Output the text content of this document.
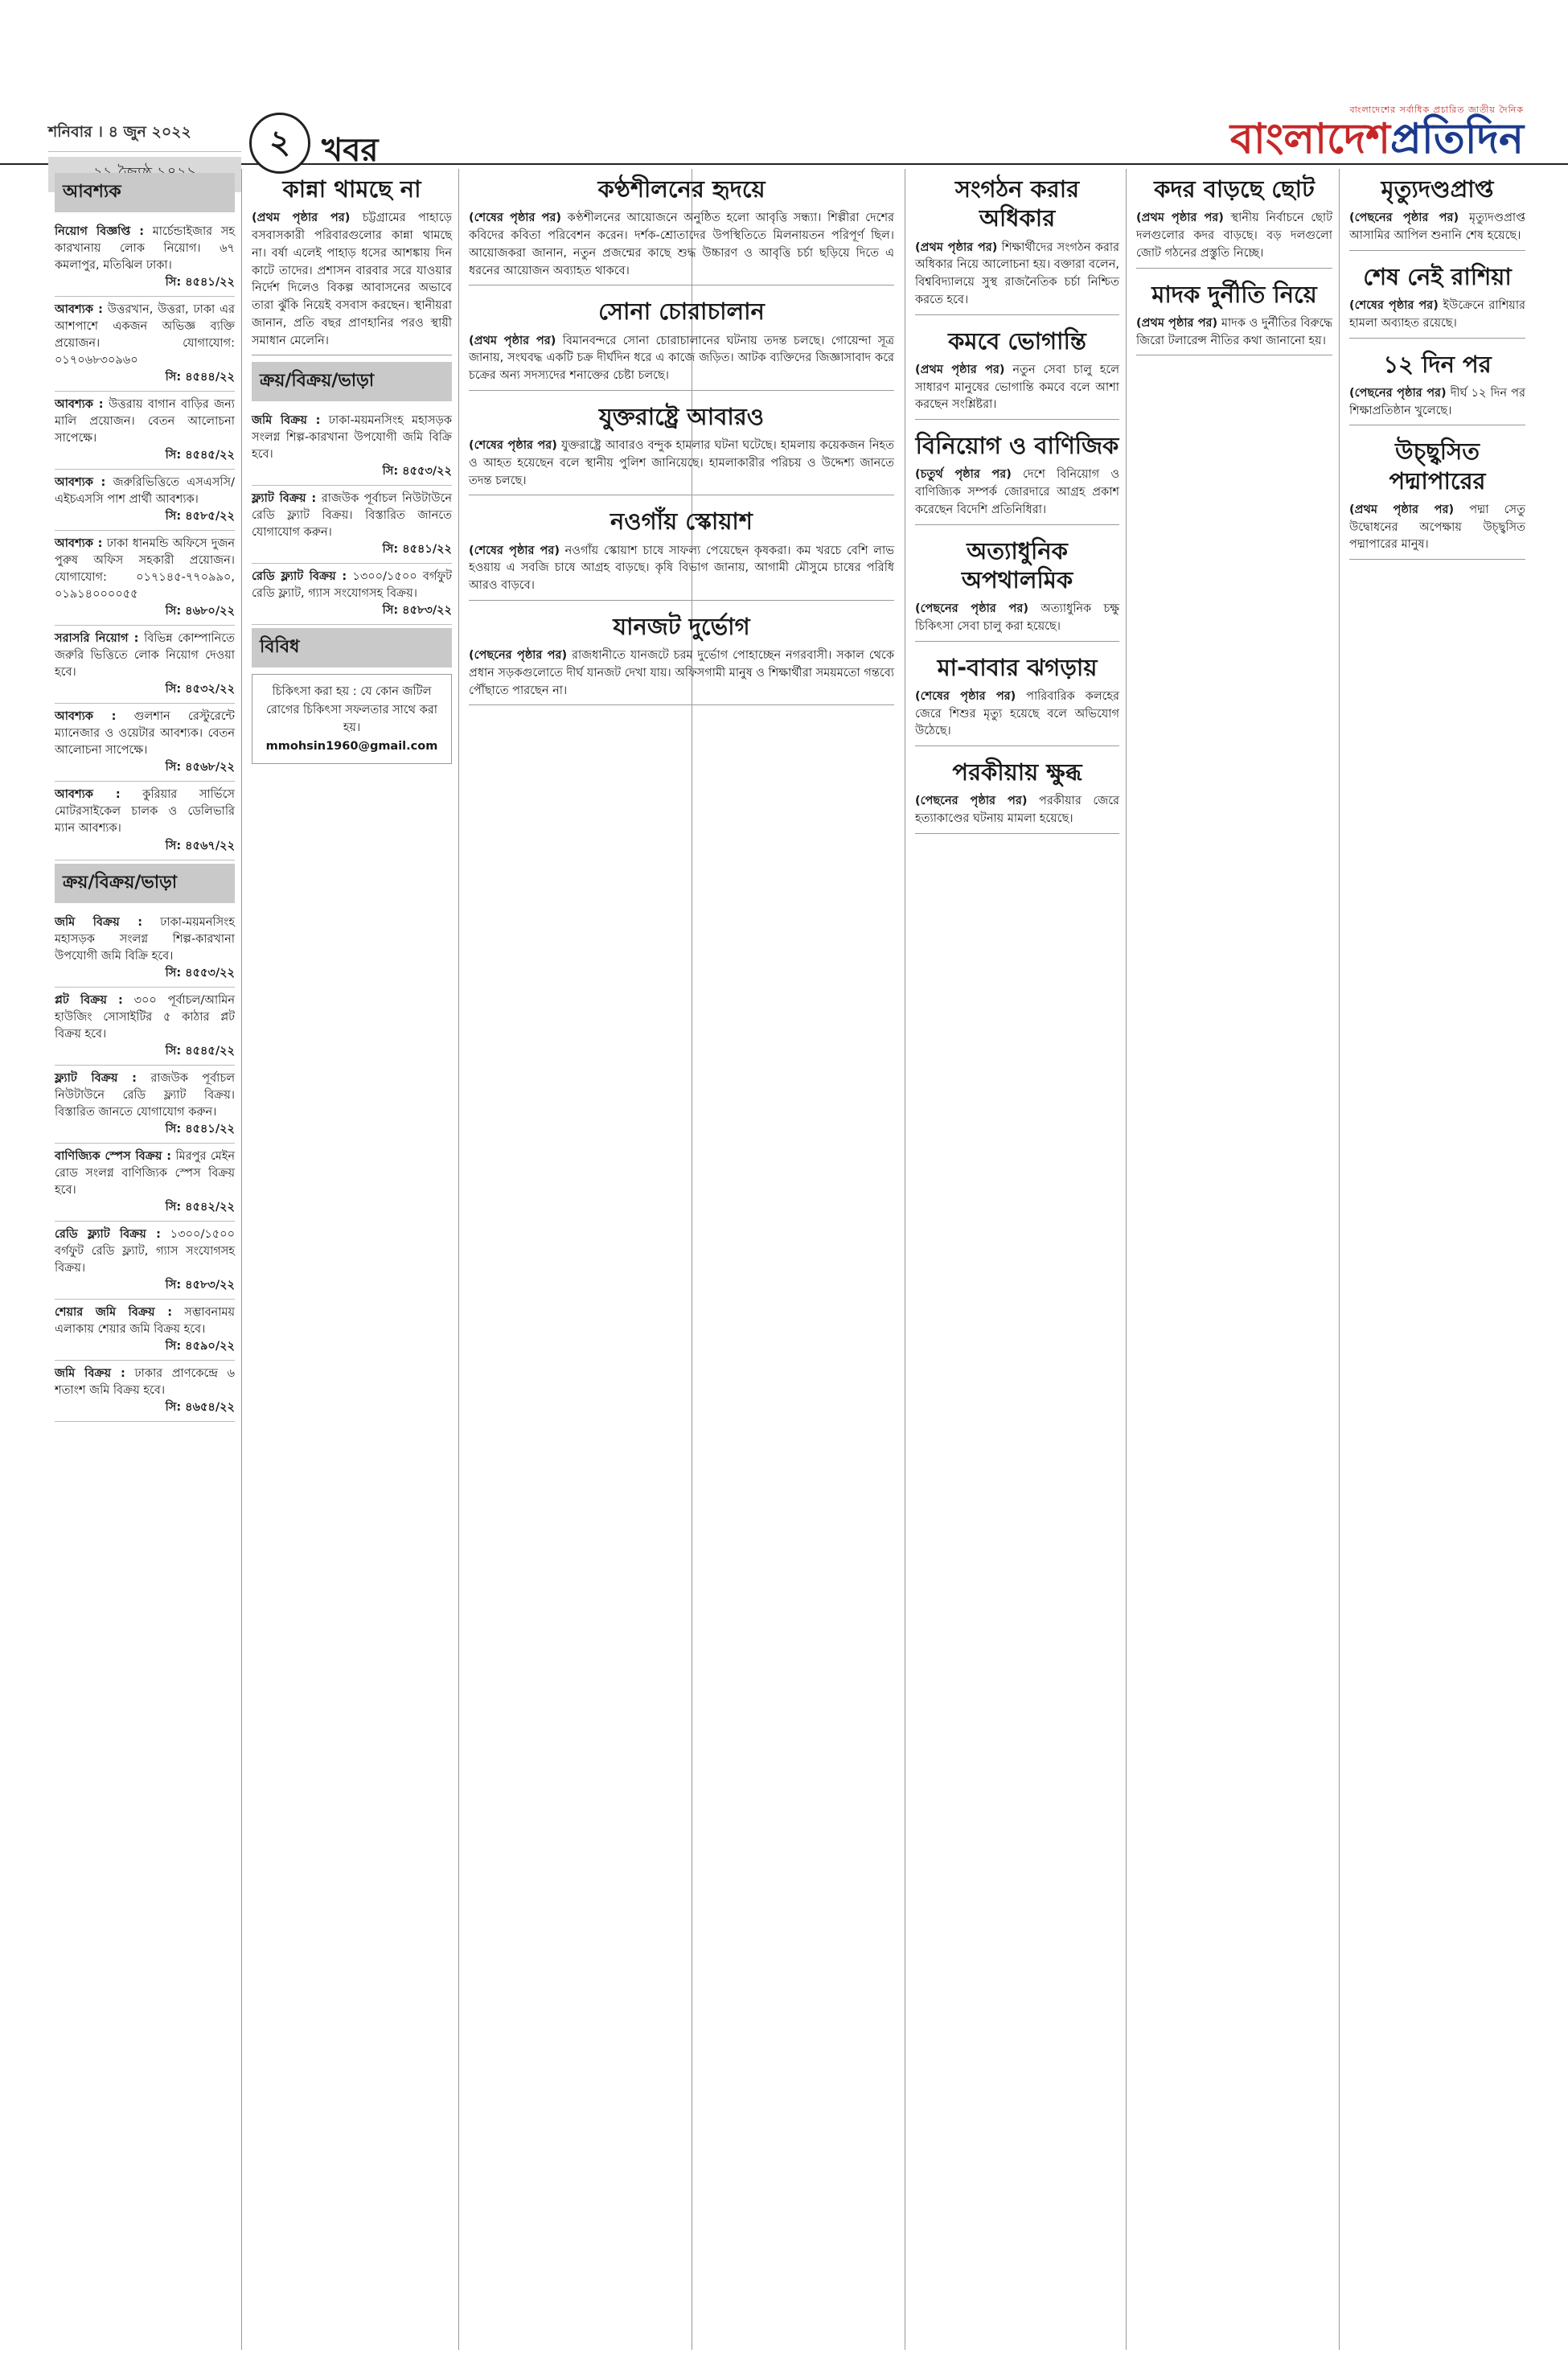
শনিবার । ৪ জুন ২০২২	২ খবর
বাংলাদেশের সর্বাধিক প্রচারিত জাতীয় দৈনিক
বাংলাদেশপ্রতিদিন
আবশ্যক
নিয়োগ বিজ্ঞপ্তি : মার্চেন্ডাইজার সহ কারখানায় লোক নিয়োগ। ৬৭ কমলাপুর, মতিঝিল ঢাকা।
সি: ৪৫৪১/২২
আবশ্যক : উত্তরখান, উত্তরা, ঢাকা এর আশপাশে একজন অভিজ্ঞ ব্যক্তি প্রয়োজন। যোগাযোগ: ০১৭০৬৮৩০৯৬০
সি: ৪৫৪৪/২২
আবশ্যক : উত্তরায় বাগান বাড়ির জন্য মালি প্রয়োজন। বেতন আলোচনা সাপেক্ষে।
সি: ৪৫৪৫/২২
আবশ্যক : জরুরিভিত্তিতে এসএসসি/এইচএসসি পাশ প্রার্থী আবশ্যক।
সি: ৪৫৮৫/২২
আবশ্যক : ঢাকা ধানমন্ডি অফিসে দুজন পুরুষ অফিস সহকারী প্রয়োজন। যোগাযোগ: ০১৭১৪৫-৭৭০৯৯০, ০১৯১৪০০০০৫৫
সি: ৪৬৮০/২২
সরাসরি নিয়োগ : বিভিন্ন কোম্পানিতে জরুরি ভিত্তিতে লোক নিয়োগ দেওয়া হবে।
সি: ৪৫৩২/২২
আবশ্যক : গুলশান রেস্টুরেন্টে ম্যানেজার ও ওয়েটার আবশ্যক। বেতন আলোচনা সাপেক্ষে।
সি: ৪৫৬৮/২২
আবশ্যক : কুরিয়ার সার্ভিসে মোটরসাইকেল চালক ও ডেলিভারি ম্যান আবশ্যক।
সি: ৪৫৬৭/২২
ক্রয়/বিক্রয়/ভাড়া
জমি বিক্রয় : ঢাকা-ময়মনসিংহ মহাসড়ক সংলগ্ন শিল্প-কারখানা উপযোগী জমি বিক্রি হবে।
সি: ৪৫৫৩/২২
প্লট বিক্রয় : ৩০০ পূর্বাচল/আমিন হাউজিং সোসাইটির ৫ কাঠার প্লট বিক্রয় হবে।
সি: ৪৫৪৫/২২
ফ্ল্যাট বিক্রয় : রাজউক পূর্বাচল নিউটাউনে রেডি ফ্ল্যাট বিক্রয়। বিস্তারিত জানতে যোগাযোগ করুন।
সি: ৪৫৪১/২২
বাণিজ্যিক স্পেস বিক্রয় : মিরপুর মেইন রোড সংলগ্ন বাণিজ্যিক স্পেস বিক্রয় হবে।
সি: ৪৫৪২/২২
রেডি ফ্ল্যাট বিক্রয় : ১৩০০/১৫০০ বর্গফুট রেডি ফ্ল্যাট, গ্যাস সংযোগসহ বিক্রয়।
সি: ৪৫৮৩/২২
শেয়ার জমি বিক্রয় : সম্ভাবনাময় এলাকায় শেয়ার জমি বিক্রয় হবে।
সি: ৪৫৯০/২২
জমি বিক্রয় : ঢাকার প্রাণকেন্দ্রে ৬ শতাংশ জমি বিক্রয় হবে।
সি: ৪৬৫৪/২২
কান্না থামছে না
(প্রথম পৃষ্ঠার পর) চট্টগ্রামের পাহাড়ে বসবাসকারী পরিবারগুলোর কান্না থামছে না। বর্ষা এলেই পাহাড় ধসের আশঙ্কায় দিন কাটে তাদের। প্রশাসন বারবার সরে যাওয়ার নির্দেশ দিলেও বিকল্প আবাসনের অভাবে তারা ঝুঁকি নিয়েই বসবাস করছেন। স্থানীয়রা জানান, প্রতি বছর প্রাণহানির পরও স্থায়ী সমাধান মেলেনি।
ক্রয়/বিক্রয়/ভাড়া
জমি বিক্রয় : ঢাকা-ময়মনসিংহ মহাসড়ক সংলগ্ন শিল্প-কারখানা উপযোগী জমি বিক্রি হবে।
সি: ৪৫৫৩/২২
ফ্ল্যাট বিক্রয় : রাজউক পূর্বাচল নিউটাউনে রেডি ফ্ল্যাট বিক্রয়। বিস্তারিত জানতে যোগাযোগ করুন।
সি: ৪৫৪১/২২
রেডি ফ্ল্যাট বিক্রয় : ১৩০০/১৫০০ বর্গফুট রেডি ফ্ল্যাট, গ্যাস সংযোগসহ বিক্রয়।
সি: ৪৫৮৩/২২
বিবিধ
চিকিৎসা করা হয় : যে কোন জটিল রোগের চিকিৎসা সফলতার সাথে করা হয়।
mmohsin1960@gmail.com
কণ্ঠশীলনের হৃদয়ে
(শেষের পৃষ্ঠার পর) কণ্ঠশীলনের আয়োজনে অনুষ্ঠিত হলো আবৃত্তি সন্ধ্যা। শিল্পীরা দেশের কবিদের কবিতা পরিবেশন করেন। দর্শক-শ্রোতাদের উপস্থিতিতে মিলনায়তন পরিপূর্ণ ছিল। আয়োজকরা জানান, নতুন প্রজন্মের কাছে শুদ্ধ উচ্চারণ ও আবৃত্তি চর্চা ছড়িয়ে দিতে এ ধরনের আয়োজন অব্যাহত থাকবে।
সোনা চোরাচালান
(প্রথম পৃষ্ঠার পর) বিমানবন্দরে সোনা চোরাচালানের ঘটনায় তদন্ত চলছে। গোয়েন্দা সূত্র জানায়, সংঘবদ্ধ একটি চক্র দীর্ঘদিন ধরে এ কাজে জড়িত। আটক ব্যক্তিদের জিজ্ঞাসাবাদ করে চক্রের অন্য সদস্যদের শনাক্তের চেষ্টা চলছে।
যুক্তরাষ্ট্রে আবারও
(শেষের পৃষ্ঠার পর) যুক্তরাষ্ট্রে আবারও বন্দুক হামলার ঘটনা ঘটেছে। হামলায় কয়েকজন নিহত ও আহত হয়েছেন বলে স্থানীয় পুলিশ জানিয়েছে। হামলাকারীর পরিচয় ও উদ্দেশ্য জানতে তদন্ত চলছে।
নওগাঁয় স্কোয়াশ
(শেষের পৃষ্ঠার পর) নওগাঁয় স্কোয়াশ চাষে সাফল্য পেয়েছেন কৃষকরা। কম খরচে বেশি লাভ হওয়ায় এ সবজি চাষে আগ্রহ বাড়ছে। কৃষি বিভাগ জানায়, আগামী মৌসুমে চাষের পরিধি আরও বাড়বে।
যানজট দুর্ভোগ
(পেছনের পৃষ্ঠার পর) রাজধানীতে যানজটে চরম দুর্ভোগ পোহাচ্ছেন নগরবাসী। সকাল থেকে প্রধান সড়কগুলোতে দীর্ঘ যানজট দেখা যায়। অফিসগামী মানুষ ও শিক্ষার্থীরা সময়মতো গন্তব্যে পৌঁছাতে পারছেন না।
সংগঠন করার অধিকার
(প্রথম পৃষ্ঠার পর) শিক্ষার্থীদের সংগঠন করার অধিকার নিয়ে আলোচনা হয়। বক্তারা বলেন, বিশ্ববিদ্যালয়ে সুস্থ রাজনৈতিক চর্চা নিশ্চিত করতে হবে।
কমবে ভোগান্তি
(প্রথম পৃষ্ঠার পর) নতুন সেবা চালু হলে সাধারণ মানুষের ভোগান্তি কমবে বলে আশা করছেন সংশ্লিষ্টরা।
বিনিয়োগ ও বাণিজিক
(চতুর্থ পৃষ্ঠার পর) দেশে বিনিয়োগ ও বাণিজ্যিক সম্পর্ক জোরদারে আগ্রহ প্রকাশ করেছেন বিদেশি প্রতিনিধিরা।
অত্যাধুনিক অপথালমিক
(পেছনের পৃষ্ঠার পর) অত্যাধুনিক চক্ষু চিকিৎসা সেবা চালু করা হয়েছে।
মা-বাবার ঝগড়ায়
(শেষের পৃষ্ঠার পর) পারিবারিক কলহের জেরে শিশুর মৃত্যু হয়েছে বলে অভিযোগ উঠেছে।
পরকীয়ায় ক্ষুব্ধ
(পেছনের পৃষ্ঠার পর) পরকীয়ার জেরে হত্যাকাণ্ডের ঘটনায় মামলা হয়েছে।
কদর বাড়ছে ছোট
(প্রথম পৃষ্ঠার পর) স্থানীয় নির্বাচনে ছোট দলগুলোর কদর বাড়ছে। বড় দলগুলো জোট গঠনের প্রস্তুতি নিচ্ছে।
মাদক দুর্নীতি নিয়ে
(প্রথম পৃষ্ঠার পর) মাদক ও দুর্নীতির বিরুদ্ধে জিরো টলারেন্স নীতির কথা জানানো হয়।
মৃত্যুদণ্ডপ্রাপ্ত
(পেছনের পৃষ্ঠার পর) মৃত্যুদণ্ডপ্রাপ্ত আসামির আপিল শুনানি শেষ হয়েছে।
শেষ নেই রাশিয়া
(শেষের পৃষ্ঠার পর) ইউক্রেনে রাশিয়ার হামলা অব্যাহত রয়েছে।
১২ দিন পর
(পেছনের পৃষ্ঠার পর) দীর্ঘ ১২ দিন পর শিক্ষাপ্রতিষ্ঠান খুলেছে।
উচ্ছ্বসিত পদ্মাপারের
(প্রথম পৃষ্ঠার পর) পদ্মা সেতু উদ্বোধনের অপেক্ষায় উচ্ছ্বসিত পদ্মাপারের মানুষ।
